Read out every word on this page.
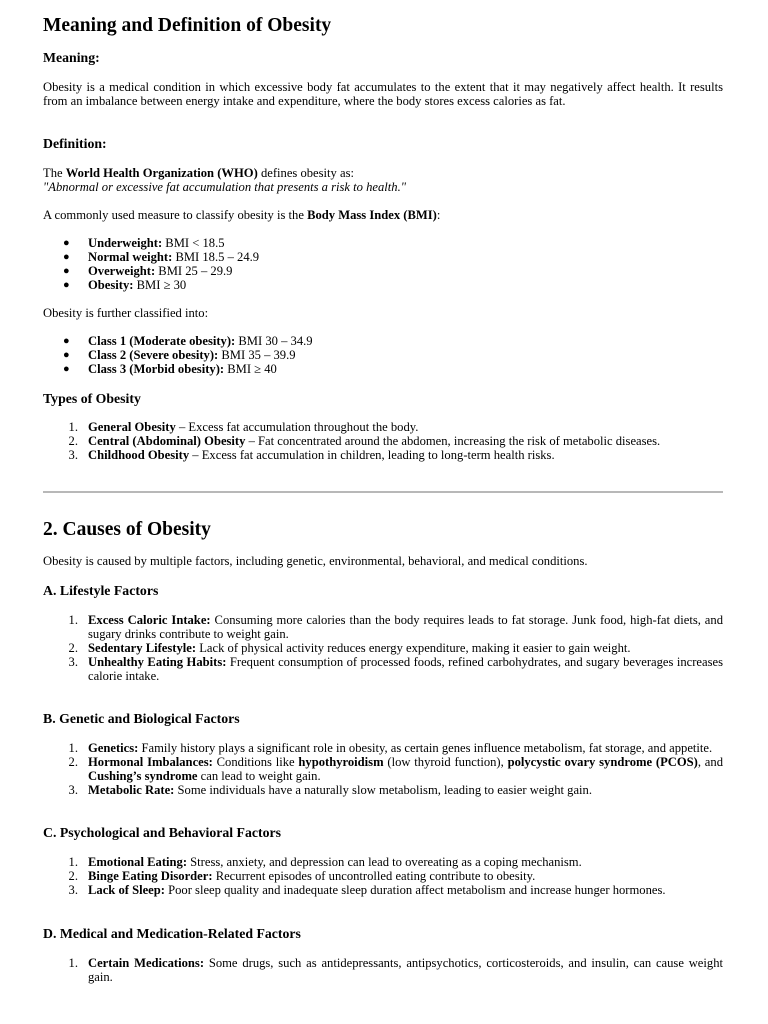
Meaning and Definition of Obesity
Meaning:

Obesity is a medical condition in which excessive body fat accumulates to the extent that it may negatively affect health. It results from an imbalance between energy intake and expenditure, where the body stores excess calories as fat.

Definition:

The World Health Organization (WHO) defines obesity as:

"Abnormal or excessive fat accumulation that presents a risk to health."

A commonly used measure to classify obesity is the Body Mass Index (BMI):

● Underweight: BMI < 18.5
● Normal weight: BMI 18.5 – 24.9
● Overweight: BMI 25 – 29.9
● Obesity: BMI ≥ 30

Obesity is further classified into:

● Class 1 (Moderate obesity): BMI 30 – 34.9
● Class 2 (Severe obesity): BMI 35 – 39.9
● Class 3 (Morbid obesity): BMI ≥ 40
Types of Obesity
1. General Obesity – Excess fat accumulation throughout the body.
2. Central (Abdominal) Obesity – Fat concentrated around the abdomen, increasing the risk of metabolic diseases.
3. Childhood Obesity – Excess fat accumulation in children, leading to long-term health risks.
2. Causes of Obesity

Obesity is caused by multiple factors, including genetic, environmental, behavioral, and medical conditions.

A. Lifestyle Factors
1. Excess Caloric Intake: Consuming more calories than the body requires leads to fat storage. Junk food, high-fat diets, and sugary drinks contribute to weight gain.
2. Sedentary Lifestyle: Lack of physical activity reduces energy expenditure, making it easier to gain weight.
3. Unhealthy Eating Habits: Frequent consumption of processed foods, refined carbohydrates, and sugary beverages increases calorie intake.
B. Genetic and Biological Factors
1. Genetics: Family history plays a significant role in obesity, as certain genes influence metabolism, fat storage, and appetite.
2. Hormonal Imbalances: Conditions like hypothyroidism (low thyroid function), polycystic ovary syndrome (PCOS), and Cushing’s syndrome can lead to weight gain.
3. Metabolic Rate: Some individuals have a naturally slow metabolism, leading to easier weight gain.
C. Psychological and Behavioral Factors
1. Emotional Eating: Stress, anxiety, and depression can lead to overeating as a coping mechanism.
2. Binge Eating Disorder: Recurrent episodes of uncontrolled eating contribute to obesity.
3. Lack of Sleep: Poor sleep quality and inadequate sleep duration affect metabolism and increase hunger hormones.
D. Medical and Medication-Related Factors
1. Certain Medications: Some drugs, such as antidepressants, antipsychotics, corticosteroids, and insulin, can cause weight gain.
